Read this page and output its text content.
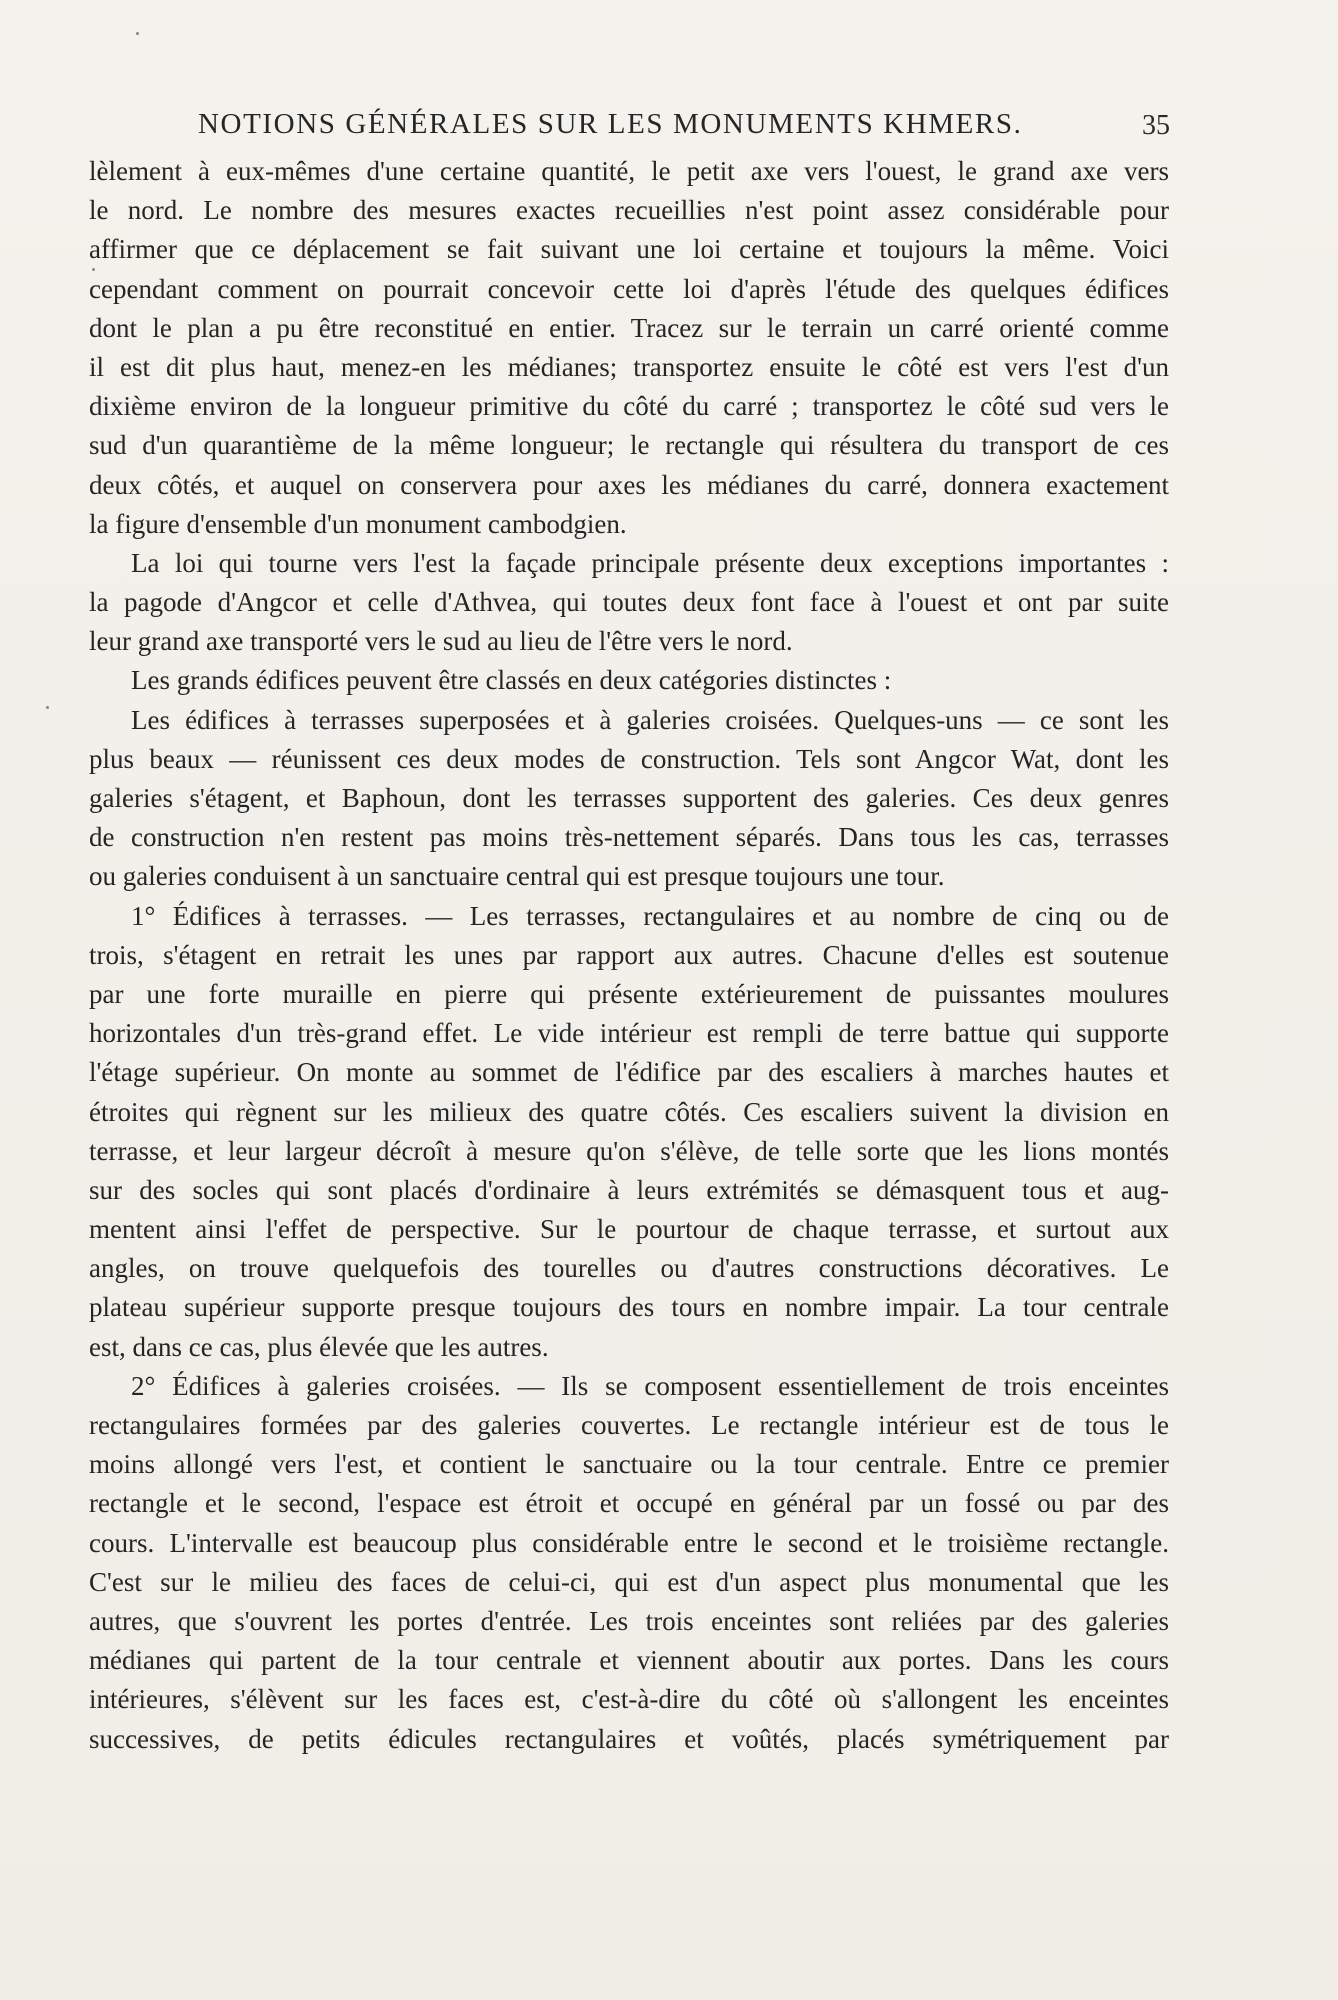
NOTIONS GÉNÉRALES SUR LES MONUMENTS KHMERS.	35
lèlement à eux-mêmes d'une certaine quantité, le petit axe vers l'ouest, le grand axe vers
le nord. Le nombre des mesures exactes recueillies n'est point assez considérable pour
affirmer que ce déplacement se fait suivant une loi certaine et toujours la même. Voici
cependant comment on pourrait concevoir cette loi d'après l'étude des quelques édifices
dont le plan a pu être reconstitué en entier. Tracez sur le terrain un carré orienté comme
il est dit plus haut, menez-en les médianes; transportez ensuite le côté est vers l'est d'un
dixième environ de la longueur primitive du côté du carré ; transportez le côté sud vers le
sud d'un quarantième de la même longueur; le rectangle qui résultera du transport de ces
deux côtés, et auquel on conservera pour axes les médianes du carré, donnera exactement
la figure d'ensemble d'un monument cambodgien.
La loi qui tourne vers l'est la façade principale présente deux exceptions importantes :
la pagode d'Angcor et celle d'Athvea, qui toutes deux font face à l'ouest et ont par suite
leur grand axe transporté vers le sud au lieu de l'être vers le nord.
Les grands édifices peuvent être classés en deux catégories distinctes :
Les édifices à terrasses superposées et à galeries croisées. Quelques-uns — ce sont les
plus beaux — réunissent ces deux modes de construction. Tels sont Angcor Wat, dont les
galeries s'étagent, et Baphoun, dont les terrasses supportent des galeries. Ces deux genres
de construction n'en restent pas moins très-nettement séparés. Dans tous les cas, terrasses
ou galeries conduisent à un sanctuaire central qui est presque toujours une tour.
1° Édifices à terrasses. — Les terrasses, rectangulaires et au nombre de cinq ou de
trois, s'étagent en retrait les unes par rapport aux autres. Chacune d'elles est soutenue
par une forte muraille en pierre qui présente extérieurement de puissantes moulures
horizontales d'un très-grand effet. Le vide intérieur est rempli de terre battue qui supporte
l'étage supérieur. On monte au sommet de l'édifice par des escaliers à marches hautes et
étroites qui règnent sur les milieux des quatre côtés. Ces escaliers suivent la division en
terrasse, et leur largeur décroît à mesure qu'on s'élève, de telle sorte que les lions montés
sur des socles qui sont placés d'ordinaire à leurs extrémités se démasquent tous et aug-
mentent ainsi l'effet de perspective. Sur le pourtour de chaque terrasse, et surtout aux
angles, on trouve quelquefois des tourelles ou d'autres constructions décoratives. Le
plateau supérieur supporte presque toujours des tours en nombre impair. La tour centrale
est, dans ce cas, plus élevée que les autres.
2° Édifices à galeries croisées. — Ils se composent essentiellement de trois enceintes
rectangulaires formées par des galeries couvertes. Le rectangle intérieur est de tous le
moins allongé vers l'est, et contient le sanctuaire ou la tour centrale. Entre ce premier
rectangle et le second, l'espace est étroit et occupé en général par un fossé ou par des
cours. L'intervalle est beaucoup plus considérable entre le second et le troisième rectangle.
C'est sur le milieu des faces de celui-ci, qui est d'un aspect plus monumental que les
autres, que s'ouvrent les portes d'entrée. Les trois enceintes sont reliées par des galeries
médianes qui partent de la tour centrale et viennent aboutir aux portes. Dans les cours
intérieures, s'élèvent sur les faces est, c'est-à-dire du côté où s'allongent les enceintes
successives, de petits édicules rectangulaires et voûtés, placés symétriquement par
